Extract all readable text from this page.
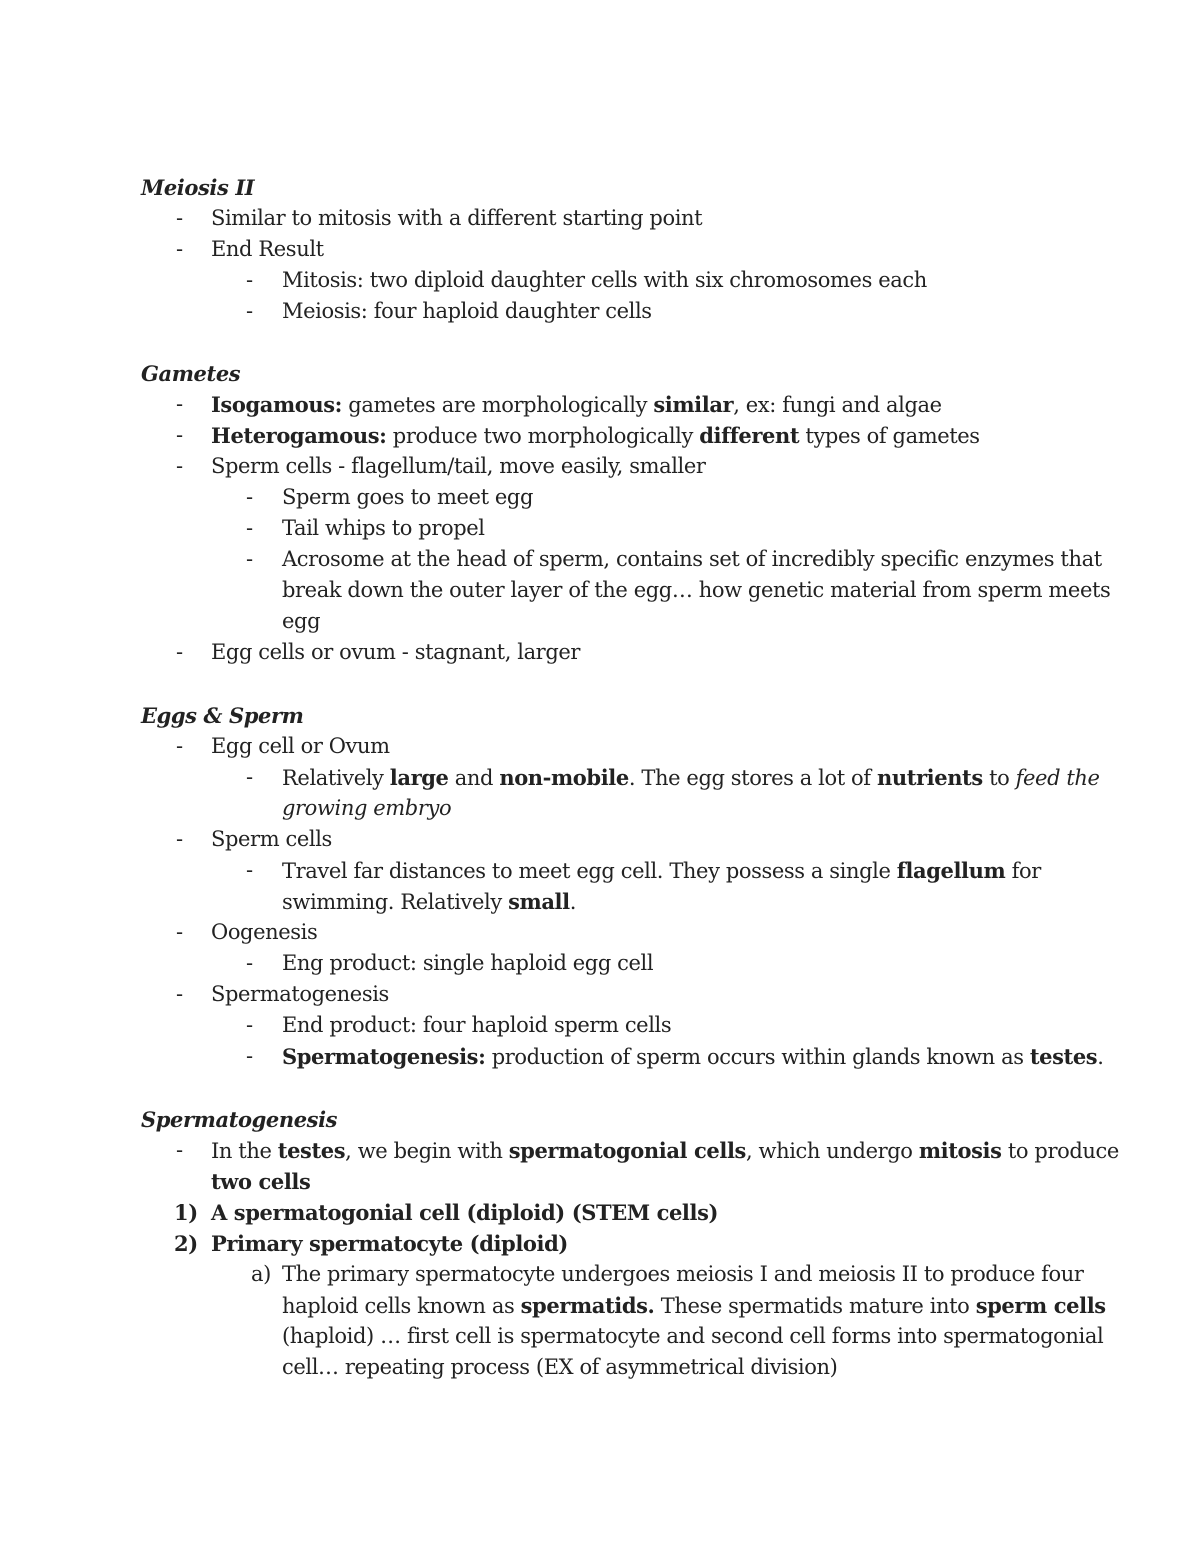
Meiosis II
- Similar to mitosis with a different starting point
- End Result
- Mitosis: two diploid daughter cells with six chromosomes each
- Meiosis: four haploid daughter cells
Gametes
- Isogamous: gametes are morphologically similar, ex: fungi and algae
- Heterogamous: produce two morphologically different types of gametes
- Sperm cells - flagellum/tail, move easily, smaller
- Sperm goes to meet egg
- Tail whips to propel
- Acrosome at the head of sperm, contains set of incredibly specific enzymes that
break down the outer layer of the egg… how genetic material from sperm meets
egg
- Egg cells or ovum - stagnant, larger
Eggs & Sperm
- Egg cell or Ovum
- Relatively large and non-mobile. The egg stores a lot of nutrients to feed the
growing embryo
- Sperm cells
- Travel far distances to meet egg cell. They possess a single flagellum for
swimming. Relatively small.
- Oogenesis
- Eng product: single haploid egg cell
- Spermatogenesis
- End product: four haploid sperm cells
- Spermatogenesis: production of sperm occurs within glands known as testes.
Spermatogenesis
- In the testes, we begin with spermatogonial cells, which undergo mitosis to produce
two cells
1) A spermatogonial cell (diploid) (STEM cells)
2) Primary spermatocyte (diploid)
a) The primary spermatocyte undergoes meiosis I and meiosis II to produce four
haploid cells known as spermatids. These spermatids mature into sperm cells
(haploid) … first cell is spermatocyte and second cell forms into spermatogonial
cell… repeating process (EX of asymmetrical division)
